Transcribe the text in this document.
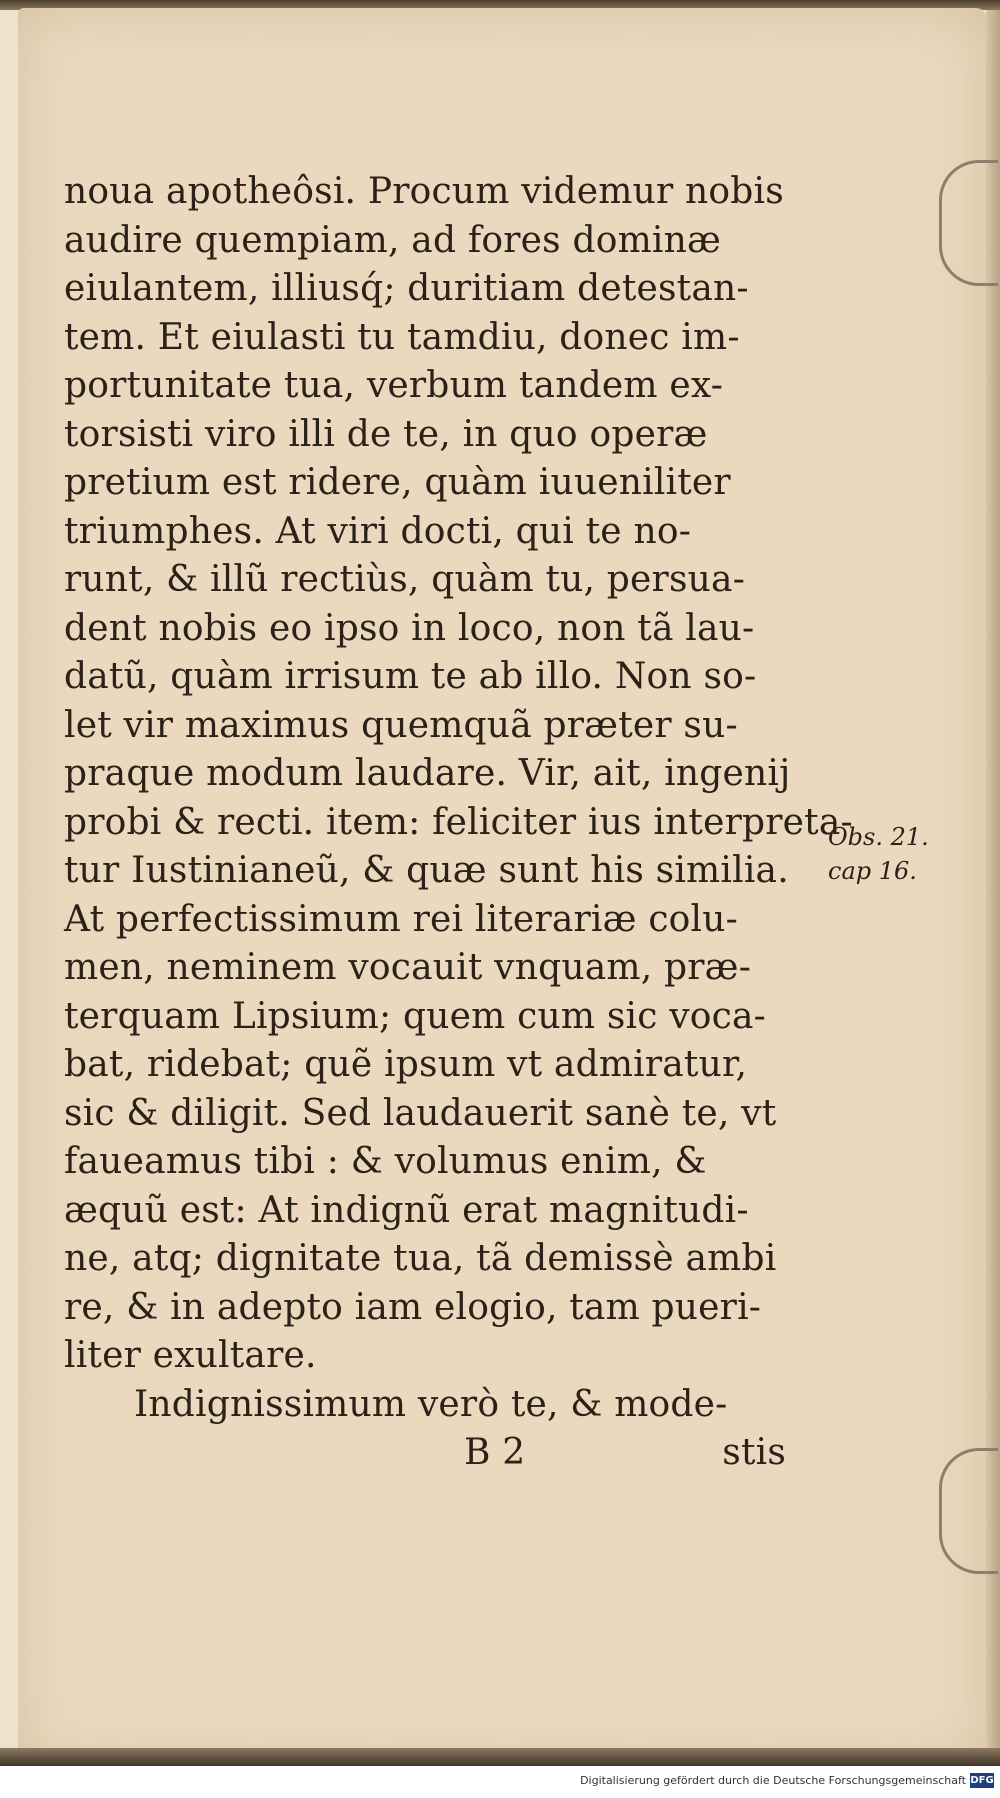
noua apotheôsi. Procum videmur nobis
audire quempiam, ad fores dominæ
eiulantem, illiusq́; duritiam detestan-
tem. Et eiulasti tu tamdiu, donec im-
portunitate tua, verbum tandem ex-
torsisti viro illi de te, in quo operæ
pretium est ridere, quàm iuueniliter
triumphes. At viri docti, qui te no-
runt, & illũ rectiùs, quàm tu, persua-
dent nobis eo ipso in loco, non tã lau-
datũ, quàm irrisum te ab illo. Non so-
let vir maximus quemquã præter su-
praque modum laudare. Vir, ait, ingenij
probi & recti. item: feliciter ius interpreta-
tur Iustinianeũ, & quæ sunt his similia.
At perfectissimum rei literariæ colu-
men, neminem vocauit vnquam, præ-
terquam Lipsium; quem cum sic voca-
bat, ridebat; quẽ ipsum vt admiratur,
sic & diligit. Sed laudauerit sanè te, vt
faueamus tibi : & volumus enim, &
æquũ est: At indignũ erat magnitudi-
ne, atq; dignitate tua, tã demissè ambi
re, & in adepto iam elogio, tam pueri-
liter exultare.
Indignissimum verò te, & mode-
B 2	stis
Obs. 21.
cap 16.
Digitalisierung gefördert durch die Deutsche Forschungsgemeinschaft DFG
